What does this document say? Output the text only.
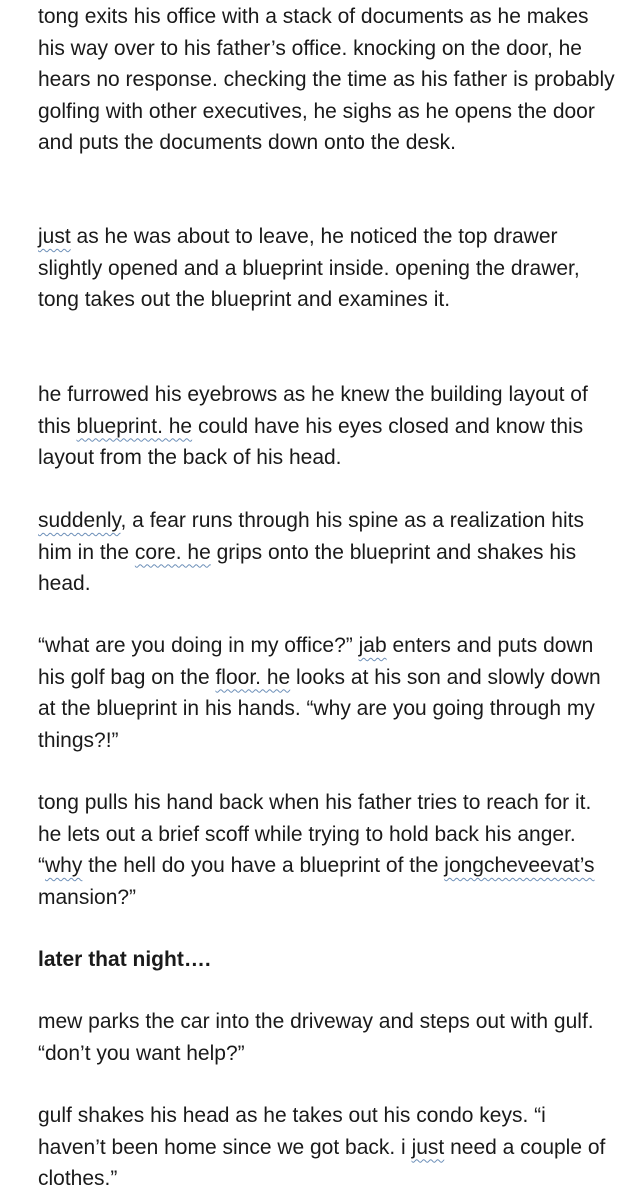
tong exits his office with a stack of documents as he makes his way over to his father’s office. knocking on the door, he hears no response. checking the time as his father is probably golfing with other executives, he sighs as he opens the door and puts the documents down onto the desk.

just as he was about to leave, he noticed the top drawer slightly opened and a blueprint inside. opening the drawer, tong takes out the blueprint and examines it.

he furrowed his eyebrows as he knew the building layout of this blueprint. he could have his eyes closed and know this layout from the back of his head.

suddenly, a fear runs through his spine as a realization hits him in the core. he grips onto the blueprint and shakes his head.

“what are you doing in my office?” jab enters and puts down his golf bag on the floor. he looks at his son and slowly down at the blueprint in his hands. “why are you going through my things?!”

tong pulls his hand back when his father tries to reach for it. he lets out a brief scoff while trying to hold back his anger. “why the hell do you have a blueprint of the jongcheveevat’s mansion?”

later that night….

mew parks the car into the driveway and steps out with gulf. “don’t you want help?”

gulf shakes his head as he takes out his condo keys. “i haven’t been home since we got back. i just need a couple of clothes.”
